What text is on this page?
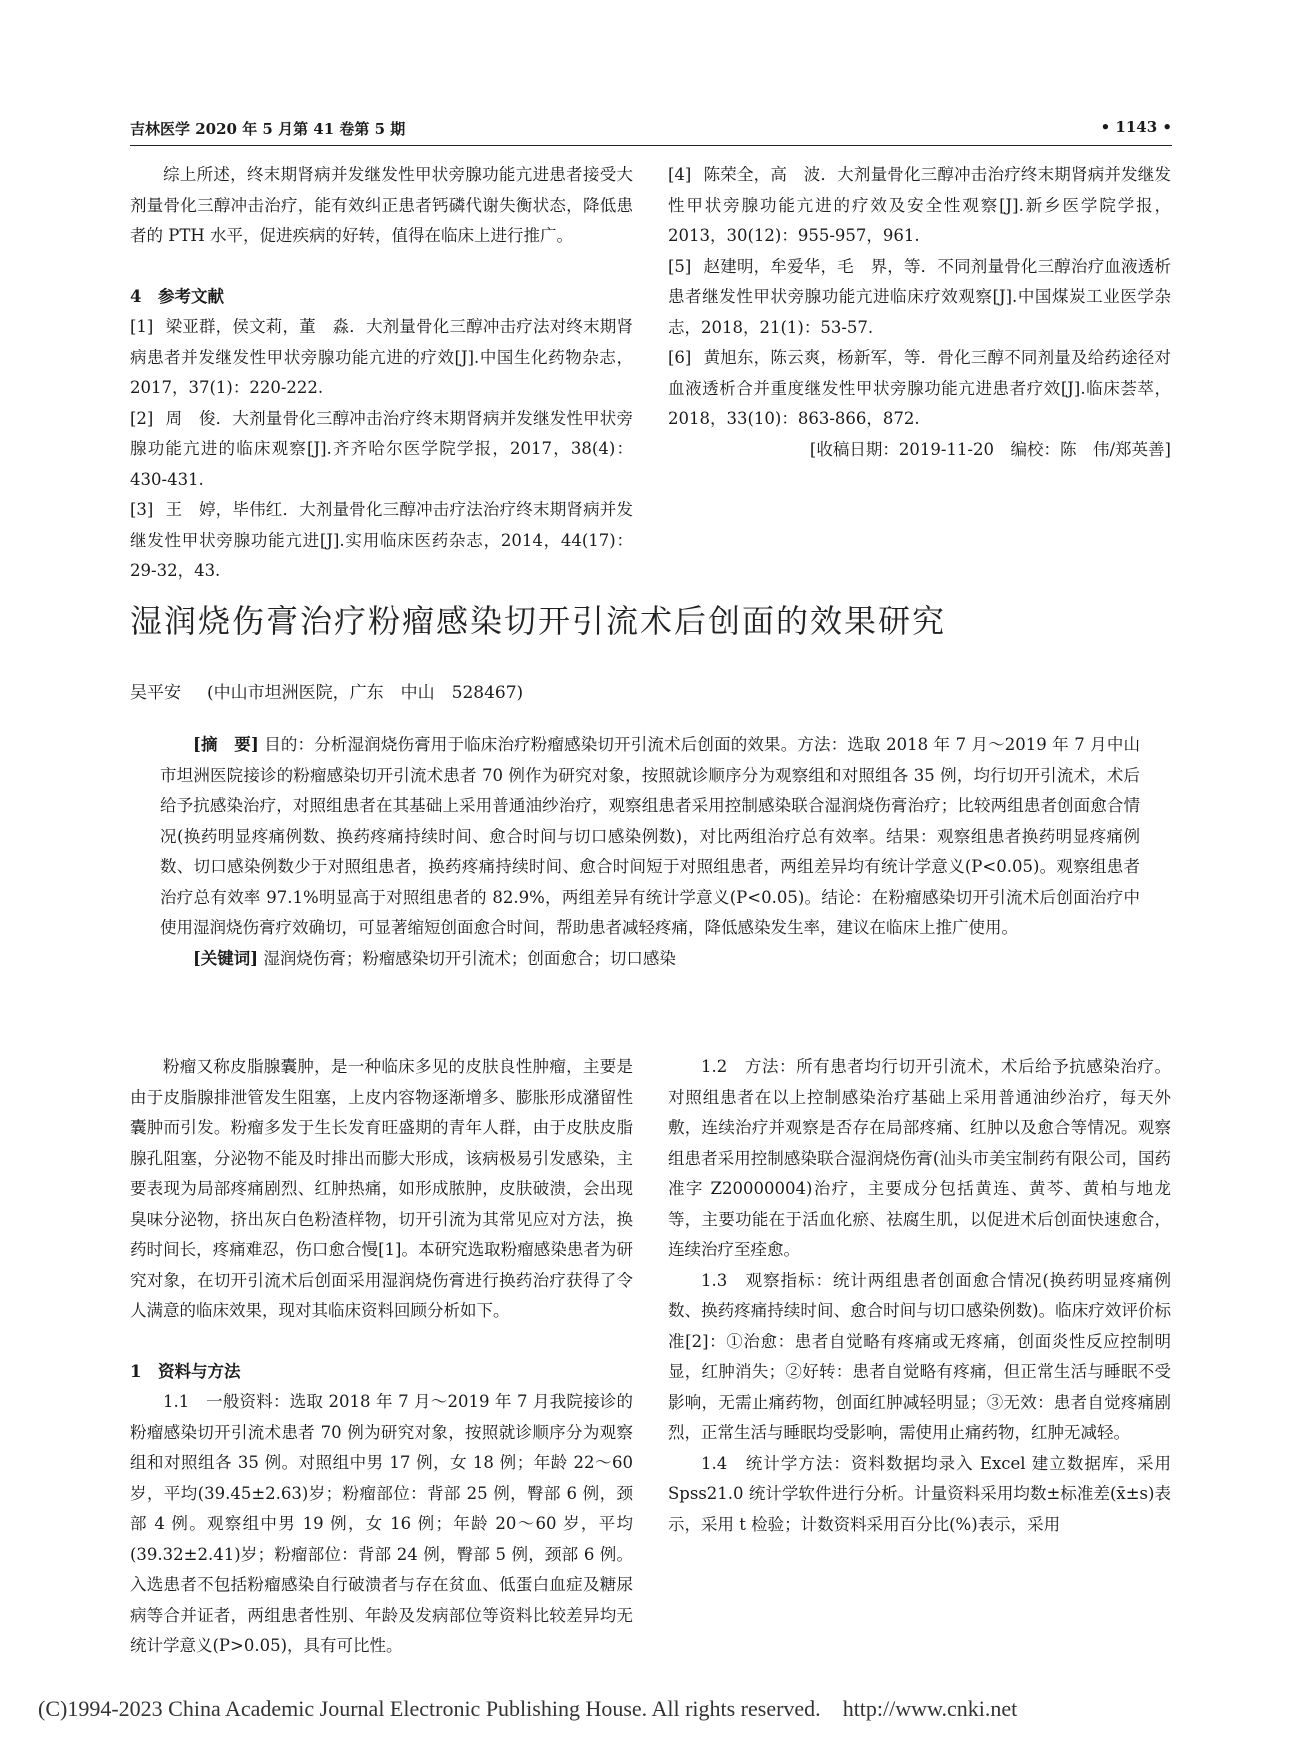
吉林医学 2020 年 5 月第 41 卷第 5 期	• 1143 •

综上所述，终末期肾病并发继发性甲状旁腺功能亢进患者接受大剂量骨化三醇冲击治疗，能有效纠正患者钙磷代谢失衡状态，降低患者的 PTH 水平，促进疾病的好转，值得在临床上进行推广。

4　参考文献

[1] 梁亚群，侯文莉，董　淼．大剂量骨化三醇冲击疗法对终末期肾病患者并发继发性甲状旁腺功能亢进的疗效[J].中国生化药物杂志，2017，37(1)：220-222.

[2] 周　俊．大剂量骨化三醇冲击治疗终末期肾病并发继发性甲状旁腺功能亢进的临床观察[J].齐齐哈尔医学院学报，2017，38(4)：430-431.

[3] 王　婷，毕伟红．大剂量骨化三醇冲击疗法治疗终末期肾病并发继发性甲状旁腺功能亢进[J].实用临床医药杂志，2014，44(17)：29-32，43.

[4] 陈荣全，高　波．大剂量骨化三醇冲击治疗终末期肾病并发继发性甲状旁腺功能亢进的疗效及安全性观察[J].新乡医学院学报，2013，30(12)：955-957，961.

[5] 赵建明，牟爱华，毛　界，等．不同剂量骨化三醇治疗血液透析患者继发性甲状旁腺功能亢进临床疗效观察[J].中国煤炭工业医学杂志，2018，21(1)：53-57.

[6] 黄旭东，陈云爽，杨新军，等．骨化三醇不同剂量及给药途径对血液透析合并重度继发性甲状旁腺功能亢进患者疗效[J].临床荟萃，2018，33(10)：863-866，872.

[收稿日期：2019-11-20　编校：陈　伟/郑英善]

湿润烧伤膏治疗粉瘤感染切开引流术后创面的效果研究
吴平安 (中山市坦洲医院，广东　中山　528467)

[摘　要] 目的：分析湿润烧伤膏用于临床治疗粉瘤感染切开引流术后创面的效果。方法：选取 2018 年 7 月～2019 年 7 月中山市坦洲医院接诊的粉瘤感染切开引流术患者 70 例作为研究对象，按照就诊顺序分为观察组和对照组各 35 例，均行切开引流术，术后给予抗感染治疗，对照组患者在其基础上采用普通油纱治疗，观察组患者采用控制感染联合湿润烧伤膏治疗；比较两组患者创面愈合情况(换药明显疼痛例数、换药疼痛持续时间、愈合时间与切口感染例数)，对比两组治疗总有效率。结果：观察组患者换药明显疼痛例数、切口感染例数少于对照组患者，换药疼痛持续时间、愈合时间短于对照组患者，两组差异均有统计学意义(P<0.05)。观察组患者治疗总有效率 97.1%明显高于对照组患者的 82.9%，两组差异有统计学意义(P<0.05)。结论：在粉瘤感染切开引流术后创面治疗中使用湿润烧伤膏疗效确切，可显著缩短创面愈合时间，帮助患者减轻疼痛，降低感染发生率，建议在临床上推广使用。

[关键词] 湿润烧伤膏；粉瘤感染切开引流术；创面愈合；切口感染

粉瘤又称皮脂腺囊肿，是一种临床多见的皮肤良性肿瘤，主要是由于皮脂腺排泄管发生阻塞，上皮内容物逐渐增多、膨胀形成潴留性囊肿而引发。粉瘤多发于生长发育旺盛期的青年人群，由于皮肤皮脂腺孔阻塞，分泌物不能及时排出而膨大形成，该病极易引发感染，主要表现为局部疼痛剧烈、红肿热痛，如形成脓肿，皮肤破溃，会出现臭味分泌物，挤出灰白色粉渣样物，切开引流为其常见应对方法，换药时间长，疼痛难忍，伤口愈合慢[1]。本研究选取粉瘤感染患者为研究对象，在切开引流术后创面采用湿润烧伤膏进行换药治疗获得了令人满意的临床效果，现对其临床资料回顾分析如下。

1　资料与方法

1.1　一般资料：选取 2018 年 7 月～2019 年 7 月我院接诊的粉瘤感染切开引流术患者 70 例为研究对象，按照就诊顺序分为观察组和对照组各 35 例。对照组中男 17 例，女 18 例；年龄 22～60 岁，平均(39.45±2.63)岁；粉瘤部位：背部 25 例，臀部 6 例，颈部 4 例。观察组中男 19 例，女 16 例；年龄 20～60 岁，平均(39.32±2.41)岁；粉瘤部位：背部 24 例，臀部 5 例，颈部 6 例。入选患者不包括粉瘤感染自行破溃者与存在贫血、低蛋白血症及糖尿病等合并证者，两组患者性别、年龄及发病部位等资料比较差异均无统计学意义(P>0.05)，具有可比性。

1.2　方法：所有患者均行切开引流术，术后给予抗感染治疗。对照组患者在以上控制感染治疗基础上采用普通油纱治疗，每天外敷，连续治疗并观察是否存在局部疼痛、红肿以及愈合等情况。观察组患者采用控制感染联合湿润烧伤膏(汕头市美宝制药有限公司，国药准字 Z20000004)治疗，主要成分包括黄连、黄芩、黄柏与地龙等，主要功能在于活血化瘀、祛腐生肌，以促进术后创面快速愈合，连续治疗至痊愈。

1.3　观察指标：统计两组患者创面愈合情况(换药明显疼痛例数、换药疼痛持续时间、愈合时间与切口感染例数)。临床疗效评价标准[2]：①治愈：患者自觉略有疼痛或无疼痛，创面炎性反应控制明显，红肿消失；②好转：患者自觉略有疼痛，但正常生活与睡眠不受影响，无需止痛药物，创面红肿减轻明显；③无效：患者自觉疼痛剧烈，正常生活与睡眠均受影响，需使用止痛药物，红肿无减轻。

1.4　统计学方法：资料数据均录入 Excel 建立数据库，采用 Spss21.0 统计学软件进行分析。计量资料采用均数±标准差(x̄±s)表示，采用 t 检验；计数资料采用百分比(%)表示，采用

(C)1994-2023 China Academic Journal Electronic Publishing House. All rights reserved. http://www.cnki.net
